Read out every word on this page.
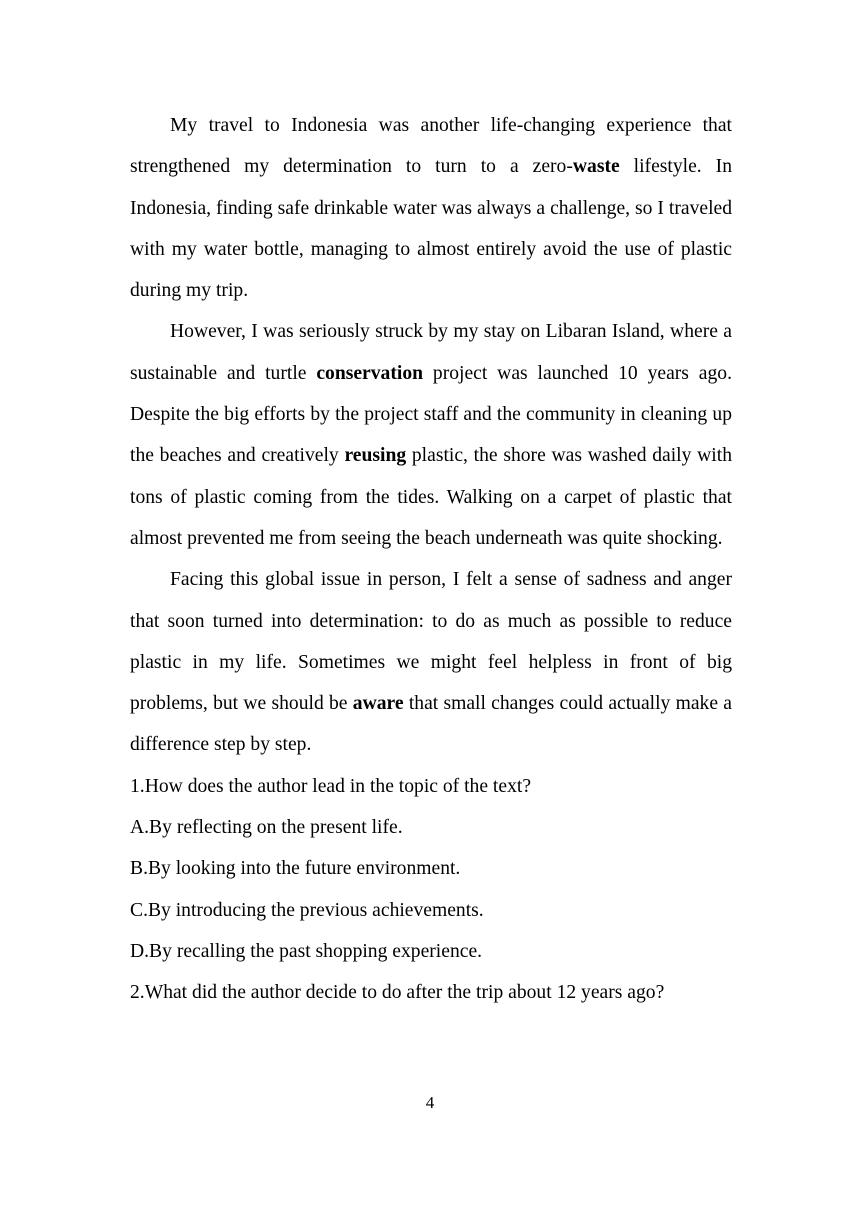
My travel to Indonesia was another life-changing experience that strengthened my determination to turn to a zero-waste lifestyle. In Indonesia, finding safe drinkable water was always a challenge, so I traveled with my water bottle, managing to almost entirely avoid the use of plastic during my trip.

However, I was seriously struck by my stay on Libaran Island, where a sustainable and turtle conservation project was launched 10 years ago. Despite the big efforts by the project staff and the community in cleaning up the beaches and creatively reusing plastic, the shore was washed daily with tons of plastic coming from the tides. Walking on a carpet of plastic that almost prevented me from seeing the beach underneath was quite shocking.

Facing this global issue in person, I felt a sense of sadness and anger that soon turned into determination: to do as much as possible to reduce plastic in my life. Sometimes we might feel helpless in front of big problems, but we should be aware that small changes could actually make a difference step by step.

1.How does the author lead in the topic of the text?

A.By reflecting on the present life.

B.By looking into the future environment.

C.By introducing the previous achievements.

D.By recalling the past shopping experience.

2.What did the author decide to do after the trip about 12 years ago?

4
